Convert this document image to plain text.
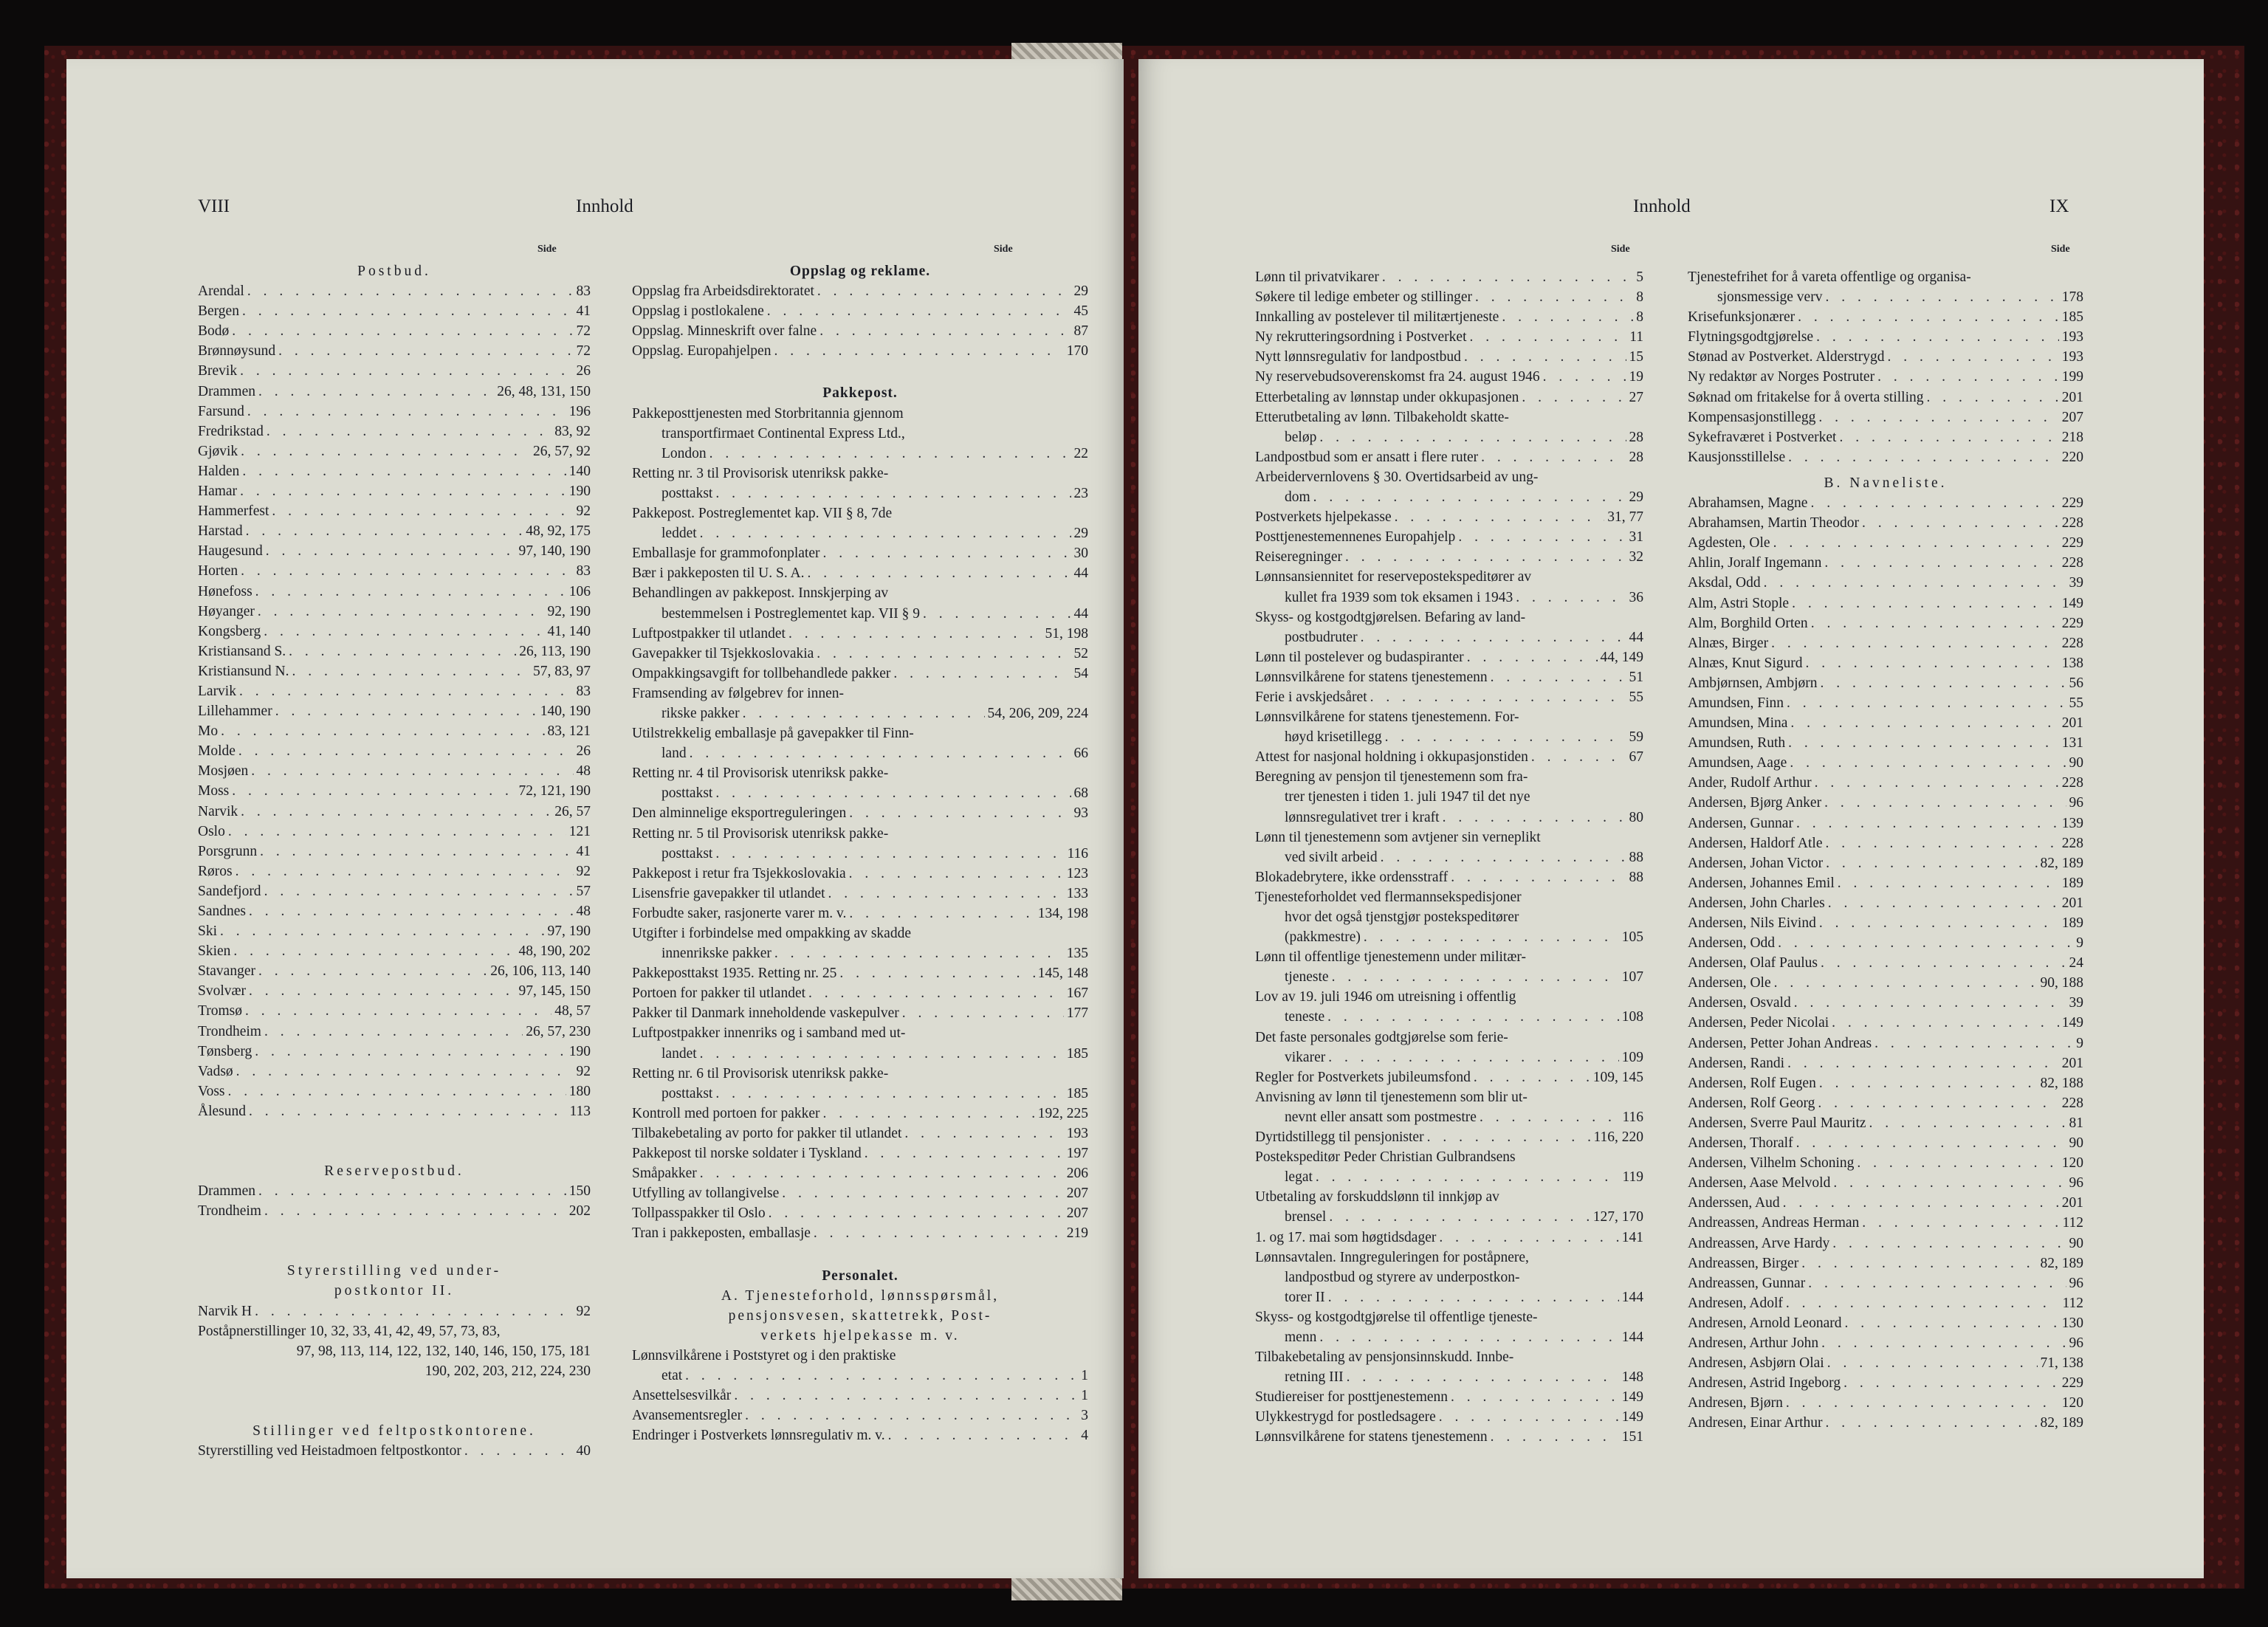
VIII	Innhold
Side	Side
Postbud.
Arendal . . .	83
Bergen . . .	41
Bodø . . .	72
Brønnøysund . . .	72
Brevik . . .	26
Drammen . . .	26, 48, 131, 150
Farsund . . .	196
Fredrikstad . . .	83, 92
Gjøvik . . .	26, 57, 92
Halden . . .	140
Hamar . . .	190
Hammerfest . . .	92
Harstad . . .	48, 92, 175
Haugesund . . .	97, 140, 190
Horten . . .	83
Hønefoss . . .	106
Høyanger . . .	92, 190
Kongsberg . . .	41, 140
Kristiansand S. . . .	26, 113, 190
Kristiansund N. . . .	57, 83, 97
Larvik . . .	83
Lillehammer . . .	140, 190
Mo . . .	83, 121
Molde . . .	26
Mosjøen . . .	48
Moss . . .	72, 121, 190
Narvik . . .	26, 57
Oslo . . .	121
Porsgrunn . . .	41
Røros . . .	92
Sandefjord . . .	57
Sandnes . . .	48
Ski . . .	97, 190
Skien . . .	48, 190, 202
Stavanger . . .	26, 106, 113, 140
Svolvær . . .	97, 145, 150
Tromsø . . .	48, 57
Trondheim . . .	26, 57, 230
Tønsberg . . .	190
Vadsø . . .	92
Voss . . .	180
Ålesund . . .	113
Reservepostbud.
Drammen . . .	150
Trondheim . . .	202
Styrerstilling ved under-
postkontor II.
Narvik H . . .	92
Poståpnerstillinger 10, 32, 33, 41, 42, 49, 57, 73, 83,
97, 98, 113, 114, 122, 132, 140, 146, 150, 175, 181
190, 202, 203, 212, 224, 230
Stillinger ved feltpostkontorene.
Styrerstilling ved Heistadmoen feltpostkontor . . .	40
Oppslag og reklame.
Oppslag fra Arbeidsdirektoratet . . .	29
Oppslag i postlokalene . . .	45
Oppslag. Minneskrift over falne . . .	87
Oppslag. Europahjelpen . . .	170
Pakkepost.
Pakkeposttjenesten med Storbritannia gjennom
transportfirmaet Continental Express Ltd.,
London . . .	22
Retting nr. 3 til Provisorisk utenriksk pakke-
posttakst . . .	23
Pakkepost. Postreglementet kap. VII § 8, 7de
leddet . . .	29
Emballasje for grammofonplater . . .	30
Bær i pakkeposten til U. S. A. . . .	44
Behandlingen av pakkepost. Innskjerping av
bestemmelsen i Postreglementet kap. VII § 9 . . .	44
Luftpostpakker til utlandet . . .	51, 198
Gavepakker til Tsjekkoslovakia . . .	52
Ompakkingsavgift for tollbehandlede pakker . . .	54
Framsending av følgebrev for innen-
rikske pakker . . .	54, 206, 209, 224
Utilstrekkelig emballasje på gavepakker til Finn-
land . . .	66
Retting nr. 4 til Provisorisk utenriksk pakke-
posttakst . . .	68
Den alminnelige eksportreguleringen . . .	93
Retting nr. 5 til Provisorisk utenriksk pakke-
posttakst . . .	116
Pakkepost i retur fra Tsjekkoslovakia . . .	123
Lisensfrie gavepakker til utlandet . . .	133
Forbudte saker, rasjonerte varer m. v. . . .	134, 198
Utgifter i forbindelse med ompakking av skadde
innenrikske pakker . . .	135
Pakkeposttakst 1935. Retting nr. 25 . . .	145, 148
Portoen for pakker til utlandet . . .	167
Pakker til Danmark inneholdende vaskepulver . . .	177
Luftpostpakker innenriks og i samband med ut-
landet . . .	185
Retting nr. 6 til Provisorisk utenriksk pakke-
posttakst . . .	185
Kontroll med portoen for pakker . . .	192, 225
Tilbakebetaling av porto for pakker til utlandet . . .	193
Pakkepost til norske soldater i Tyskland . . .	197
Småpakker . . .	206
Utfylling av tollangivelse . . .	207
Tollpasspakker til Oslo . . .	207
Tran i pakkeposten, emballasje . . .	219
Personalet.
A. Tjenesteforhold, lønnsspørsmål,
pensjonsvesen, skattetrekk, Post-
verkets hjelpekasse m. v.
Lønnsvilkårene i Poststyret og i den praktiske
etat . . .	1
Ansettelsesvilkår . . .	1
Avansementsregler . . .	3
Endringer i Postverkets lønnsregulativ m. v. . . .	4
Innhold	IX
Side	Side
Lønn til privatvikarer . . .	5
Søkere til ledige embeter og stillinger . . .	8
Innkalling av postelever til militærtjeneste . . .	8
Ny rekrutteringsordning i Postverket . . .	11
Nytt lønnsregulativ for landpostbud . . .	15
Ny reservebudsoverenskomst fra 24. august 1946 . . .	19
Etterbetaling av lønnstap under okkupasjonen . . .	27
Etterutbetaling av lønn. Tilbakeholdt skatte-
beløp . . .	28
Landpostbud som er ansatt i flere ruter . . .	28
Arbeidervernlovens § 30. Overtidsarbeid av ung-
dom . . .	29
Postverkets hjelpekasse . . .	31, 77
Posttjenestemennenes Europahjelp . . .	31
Reiseregninger . . .	32
Lønnsansiennitet for reservepostekspeditører av
kullet fra 1939 som tok eksamen i 1943 . . .	36
Skyss- og kostgodtgjørelsen. Befaring av land-
postbudruter . . .	44
Lønn til postelever og budaspiranter . . .	44, 149
Lønnsvilkårene for statens tjenestemenn . . .	51
Ferie i avskjedsåret . . .	55
Lønnsvilkårene for statens tjenestemenn. For-
høyd krisetillegg . . .	59
Attest for nasjonal holdning i okkupasjonstiden . . .	67
Beregning av pensjon til tjenestemenn som fra-
trer tjenesten i tiden 1. juli 1947 til det nye
lønnsregulativet trer i kraft . . .	80
Lønn til tjenestemenn som avtjener sin verneplikt
ved sivilt arbeid . . .	88
Blokadebrytere, ikke ordensstraff . . .	88
Tjenesteforholdet ved flermannsekspedisjoner
hvor det også tjenstgjør postekspeditører
(pakkmestre) . . .	105
Lønn til offentlige tjenestemenn under militær-
tjeneste . . .	107
Lov av 19. juli 1946 om utreisning i offentlig
teneste . . .	108
Det faste personales godtgjørelse som ferie-
vikarer . . .	109
Regler for Postverkets jubileumsfond . . .	109, 145
Anvisning av lønn til tjenestemenn som blir ut-
nevnt eller ansatt som postmestre . . .	116
Dyrtidstillegg til pensjonister . . .	116, 220
Postekspeditør Peder Christian Gulbrandsens
legat . . .	119
Utbetaling av forskuddslønn til innkjøp av
brensel . . .	127, 170
1. og 17. mai som høgtidsdager . . .	141
Lønnsavtalen. Inngreguleringen for poståpnere,
landpostbud og styrere av underpostkon-
torer II . . .	144
Skyss- og kostgodtgjørelse til offentlige tjeneste-
menn . . .	144
Tilbakebetaling av pensjonsinnskudd. Innbe-
retning III . . .	148
Studiereiser for posttjenestemenn . . .	149
Ulykkestrygd for postledsagere . . .	149
Lønnsvilkårene for statens tjenestemenn . . .	151
Tjenestefrihet for å vareta offentlige og organisa-
sjonsmessige verv . . .	178
Krisefunksjonærer . . .	185
Flytningsgodtgjørelse . . .	193
Stønad av Postverket. Alderstrygd . . .	193
Ny redaktør av Norges Postruter . . .	199
Søknad om fritakelse for å overta stilling . . .	201
Kompensasjonstillegg . . .	207
Sykefraværet i Postverket . . .	218
Kausjonsstillelse . . .	220
B. Navneliste.
Abrahamsen, Magne . . .	229
Abrahamsen, Martin Theodor . . .	228
Agdesten, Ole . . .	229
Ahlin, Joralf Ingemann . . .	228
Aksdal, Odd . . .	39
Alm, Astri Stople . . .	149
Alm, Borghild Orten . . .	229
Alnæs, Birger . . .	228
Alnæs, Knut Sigurd . . .	138
Ambjørnsen, Ambjørn . . .	56
Amundsen, Finn . . .	55
Amundsen, Mina . . .	201
Amundsen, Ruth . . .	131
Amundsen, Aage . . .	90
Ander, Rudolf Arthur . . .	228
Andersen, Bjørg Anker . . .	96
Andersen, Gunnar . . .	139
Andersen, Haldorf Atle . . .	228
Andersen, Johan Victor . . .	82, 189
Andersen, Johannes Emil . . .	189
Andersen, John Charles . . .	201
Andersen, Nils Eivind . . .	189
Andersen, Odd . . .	9
Andersen, Olaf Paulus . . .	24
Andersen, Ole . . .	90, 188
Andersen, Osvald . . .	39
Andersen, Peder Nicolai . . .	149
Andersen, Petter Johan Andreas . . .	9
Andersen, Randi . . .	201
Andersen, Rolf Eugen . . .	82, 188
Andersen, Rolf Georg . . .	228
Andersen, Sverre Paul Mauritz . . .	81
Andersen, Thoralf . . .	90
Andersen, Vilhelm Schoning . . .	120
Andersen, Aase Melvold . . .	96
Anderssen, Aud . . .	201
Andreassen, Andreas Herman . . .	112
Andreassen, Arve Hardy . . .	90
Andreassen, Birger . . .	82, 189
Andreassen, Gunnar . . .	96
Andresen, Adolf . . .	112
Andresen, Arnold Leonard . . .	130
Andresen, Arthur John . . .	96
Andresen, Asbjørn Olai . . .	71, 138
Andresen, Astrid Ingeborg . . .	229
Andresen, Bjørn . . .	120
Andresen, Einar Arthur . . .	82, 189
